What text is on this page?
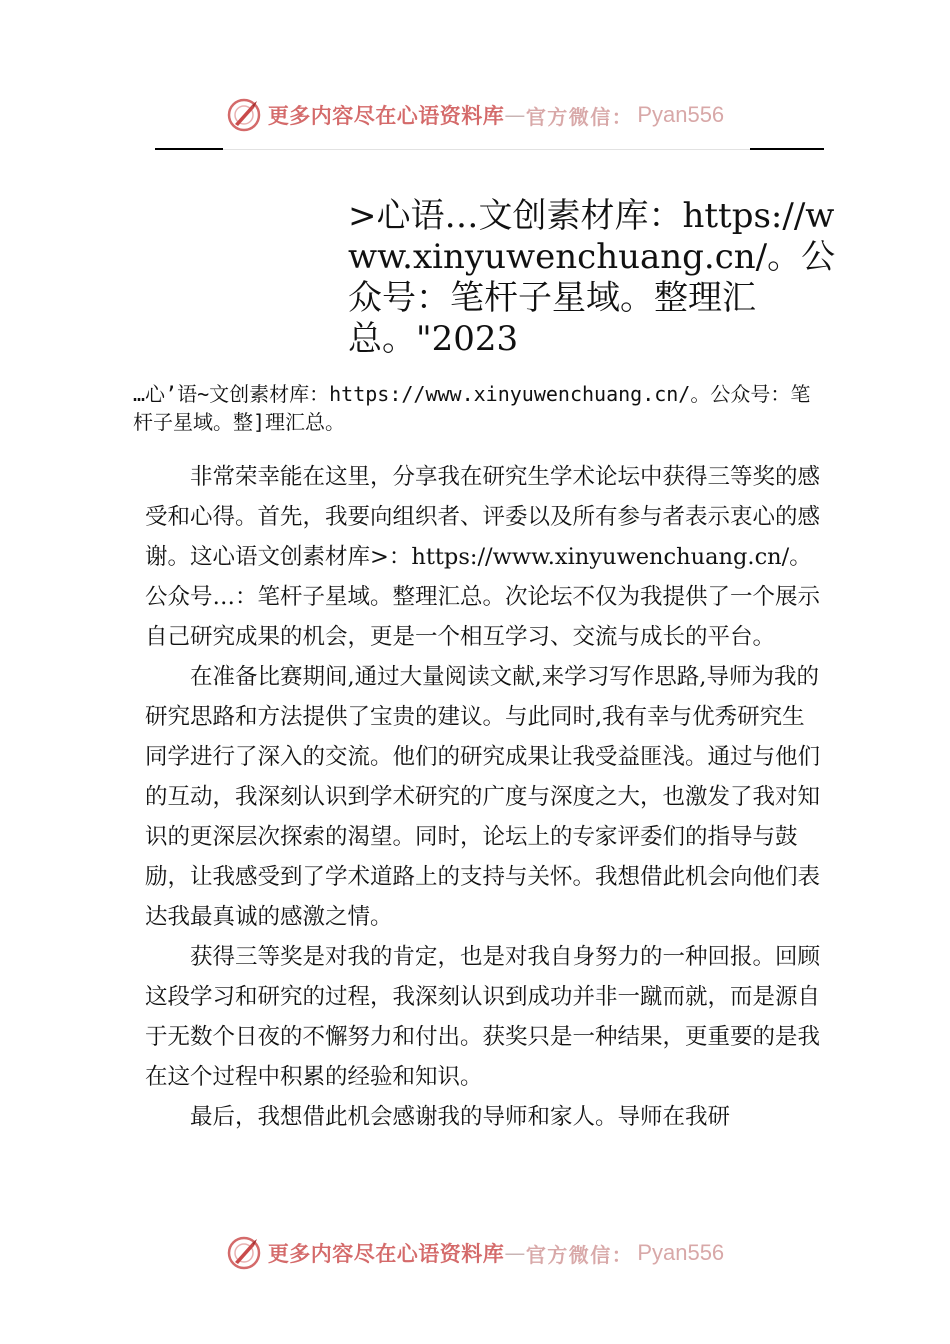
更多内容尽在心语资料库 — 官方微信： Pyan556
>心语…文创素材库：https://www.xinyuwenchuang.cn/。公众号：笔杆子星域。整理汇总。"2023
…心’语~文创素材库：https://www.xinyuwenchuang.cn/。公众号：笔杆子星域。整]理汇总。

非常荣幸能在这里，分享我在研究生学术论坛中获得三等奖的感受和心得。首先，我要向组织者、评委以及所有参与者表示衷心的感谢。这心语文创素材库>：https://www.xinyuwenchuang.cn/。公众号…：笔杆子星域。整理汇总。次论坛不仅为我提供了一个展示自己研究成果的机会，更是一个相互学习、交流与成长的平台。

在准备比赛期间,通过大量阅读文献,来学习写作思路,导师为我的研究思路和方法提供了宝贵的建议。与此同时,我有幸与优秀研究生同学进行了深入的交流。他们的研究成果让我受益匪浅。通过与他们的互动，我深刻认识到学术研究的广度与深度之大，也激发了我对知识的更深层次探索的渴望。同时，论坛上的专家评委们的指导与鼓励，让我感受到了学术道路上的支持与关怀。我想借此机会向他们表达我最真诚的感激之情。

获得三等奖是对我的肯定，也是对我自身努力的一种回报。回顾这段学习和研究的过程，我深刻认识到成功并非一蹴而就，而是源自于无数个日夜的不懈努力和付出。获奖只是一种结果，更重要的是我在这个过程中积累的经验和知识。

最后，我想借此机会感谢我的导师和家人。导师在我研

更多内容尽在心语资料库 — 官方微信： Pyan556
